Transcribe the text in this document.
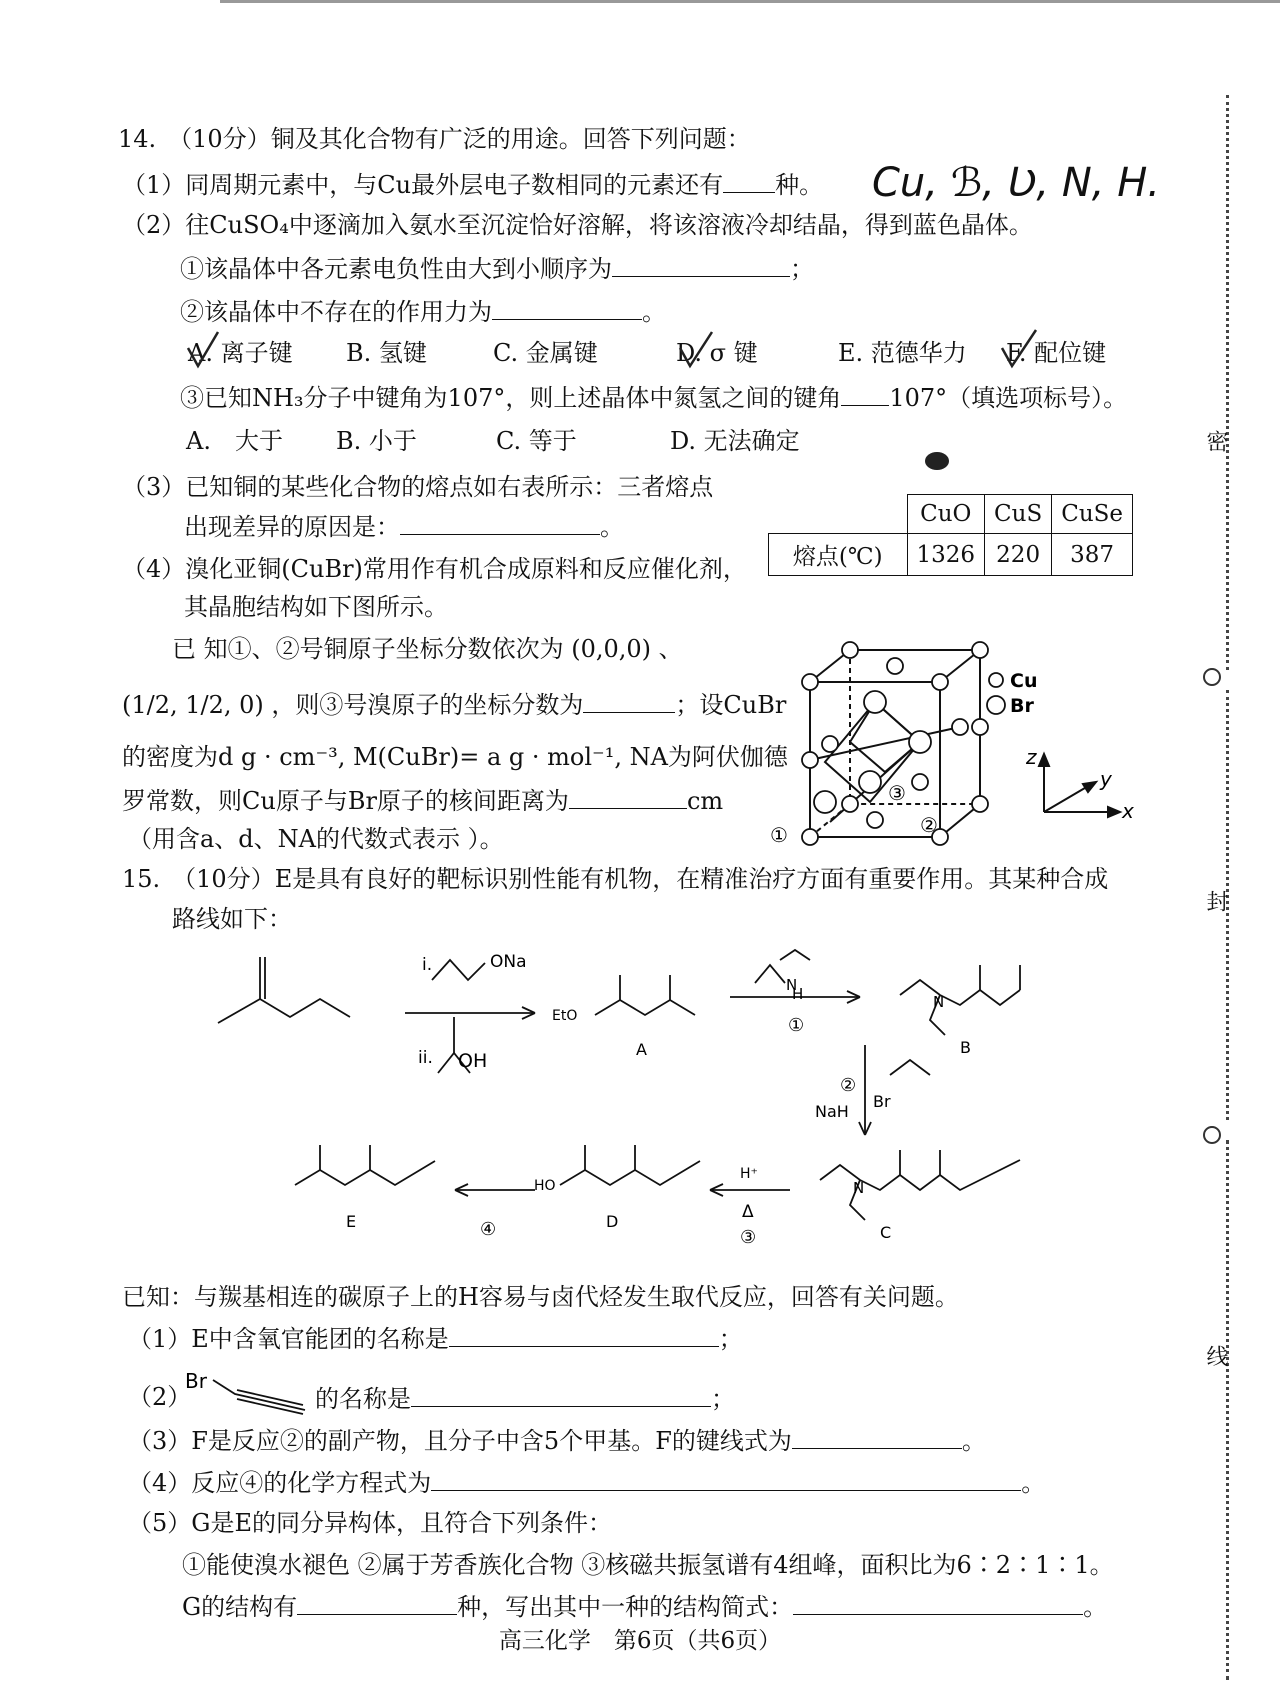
14.　（10分）铜及其化合物有广泛的用途。回答下列问题：
（1）同周期元素中，与Cu最外层电子数相同的元素还有 种。 Cu, ℬ, Ʋ, N, H.
（2）往CuSO₄中逐滴加入氨水至沉淀恰好溶解，将该溶液冷却结晶，得到蓝色晶体。
①该晶体中各元素电负性由大到小顺序为	；
②该晶体中不存在的作用力为	。
A. 离子键 B. 氢键	C. 金属键	D. σ 键	E. 范德华力 F. 配位键
③已知NH₃分子中键角为107°，则上述晶体中氮氢之间的键角 107°（填选项标号）。
A.　大于 B. 小于	C. 等于	D. 无法确定
（3）已知铜的某些化合物的熔点如右表所示：三者熔点
出现差异的原因是：	。
		CuO	CuS	CuSe
熔点(℃)	1326	220	387
（4）溴化亚铜(CuBr)常用作有机合成原料和反应催化剂，
其晶胞结构如下图所示。
已 知①、②号铜原子坐标分数依次为 (0,0,0) 、
(1/2, 1/2, 0) ，则③号溴原子的坐标分数为	；设CuBr
的密度为d g · cm⁻³, M(CuBr)= a g · mol⁻¹, NA为阿伏伽德
罗常数，则Cu原子与Br原子的核间距离为	cm
（用含a、d、NA的代数式表示 ）。
③
②
①
Cu
Br
z
y
x
15.　（10分）E是具有良好的靶标识别性能有机物，在精准治疗方面有重要作用。其某种合成
路线如下：
i.	ONa
ii. OH
EtO
A
N
H
①
N
B
②
NaH
Br
N
C
H⁺
Δ
③
HO
D
④
E
已知：与羰基相连的碳原子上的H容易与卤代烃发生取代反应，回答有关问题。
（1）E中含氧官能团的名称是	；
（2）
Br
的名称是	；
（3）F是反应②的副产物，且分子中含5个甲基。F的键线式为	。
（4）反应④的化学方程式为	。
（5）G是E的同分异构体，且符合下列条件：
①能使溴水褪色 ②属于芳香族化合物 ③核磁共振氢谱有4组峰，面积比为6∶2∶1∶1。
G的结构有	种，写出其中一种的结构简式：	。
高三化学　第6页（共6页）
密
封
线
